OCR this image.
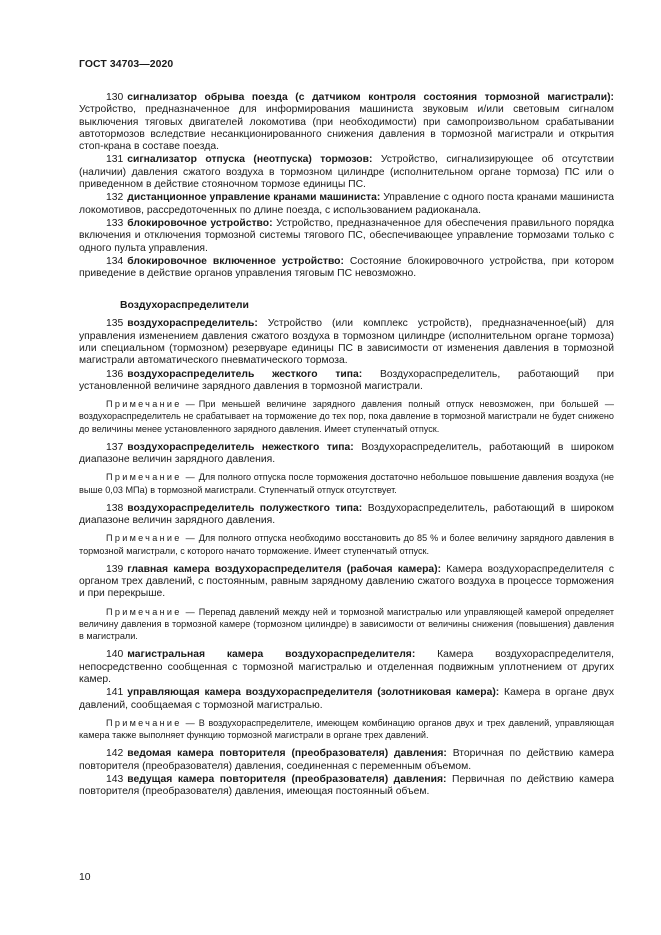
ГОСТ 34703—2020

130 сигнализатор обрыва поезда (с датчиком контроля состояния тормозной магистрали): Устройство, предназначенное для информирования машиниста звуковым и/или световым сигналом выключения тяговых двигателей локомотива (при необходимости) при самопроизвольном срабатывании автотормозов вследствие несанкционированного снижения давления в тормозной магистрали и открытия стоп-крана в составе поезда.

131 сигнализатор отпуска (неотпуска) тормозов: Устройство, сигнализирующее об отсутствии (наличии) давления сжатого воздуха в тормозном цилиндре (исполнительном органе тормоза) ПС или о приведенном в действие стояночном тормозе единицы ПС.

132 дистанционное управление кранами машиниста: Управление с одного поста кранами машиниста локомотивов, рассредоточенных по длине поезда, с использованием радиоканала.

133 блокировочное устройство: Устройство, предназначенное для обеспечения правильного порядка включения и отключения тормозной системы тягового ПС, обеспечивающее управление тормозами только с одного пульта управления.

134 блокировочное включенное устройство: Состояние блокировочного устройства, при котором приведение в действие органов управления тяговым ПС невозможно.

Воздухораспределители

135 воздухораспределитель: Устройство (или комплекс устройств), предназначенное(ый) для управления изменением давления сжатого воздуха в тормозном цилиндре (исполнительном органе тормоза) или специальном (тормозном) резервуаре единицы ПС в зависимости от изменения давления в тормозной магистрали автоматического пневматического тормоза.

136 воздухораспределитель жесткого типа: Воздухораспределитель, работающий при установленной величине зарядного давления в тормозной магистрали.

Примечание — При меньшей величине зарядного давления полный отпуск невозможен, при большей — воздухораспределитель не срабатывает на торможение до тех пор, пока давление в тормозной магистрали не будет снижено до величины менее установленного зарядного давления. Имеет ступенчатый отпуск.

137 воздухораспределитель нежесткого типа: Воздухораспределитель, работающий в широком диапазоне величин зарядного давления.

Примечание — Для полного отпуска после торможения достаточно небольшое повышение давления воздуха (не выше 0,03 МПа) в тормозной магистрали. Ступенчатый отпуск отсутствует.

138 воздухораспределитель полужесткого типа: Воздухораспределитель, работающий в широком диапазоне величин зарядного давления.

Примечание — Для полного отпуска необходимо восстановить до 85 % и более величину зарядного давления в тормозной магистрали, с которого начато торможение. Имеет ступенчатый отпуск.

139 главная камера воздухораспределителя (рабочая камера): Камера воздухораспределителя с органом трех давлений, с постоянным, равным зарядному давлению сжатого воздуха в процессе торможения и при перекрыше.

Примечание — Перепад давлений между ней и тормозной магистралью или управляющей камерой определяет величину давления в тормозной камере (тормозном цилиндре) в зависимости от величины снижения (повышения) давления в магистрали.

140 магистральная камера воздухораспределителя: Камера воздухораспределителя, непосредственно сообщенная с тормозной магистралью и отделенная подвижным уплотнением от других камер.

141 управляющая камера воздухораспределителя (золотниковая камера): Камера в органе двух давлений, сообщаемая с тормозной магистралью.

Примечание — В воздухораспределителе, имеющем комбинацию органов двух и трех давлений, управляющая камера также выполняет функцию тормозной магистрали в органе трех давлений.

142 ведомая камера повторителя (преобразователя) давления: Вторичная по действию камера повторителя (преобразователя) давления, соединенная с переменным объемом.

143 ведущая камера повторителя (преобразователя) давления: Первичная по действию камера повторителя (преобразователя) давления, имеющая постоянный объем.

10
